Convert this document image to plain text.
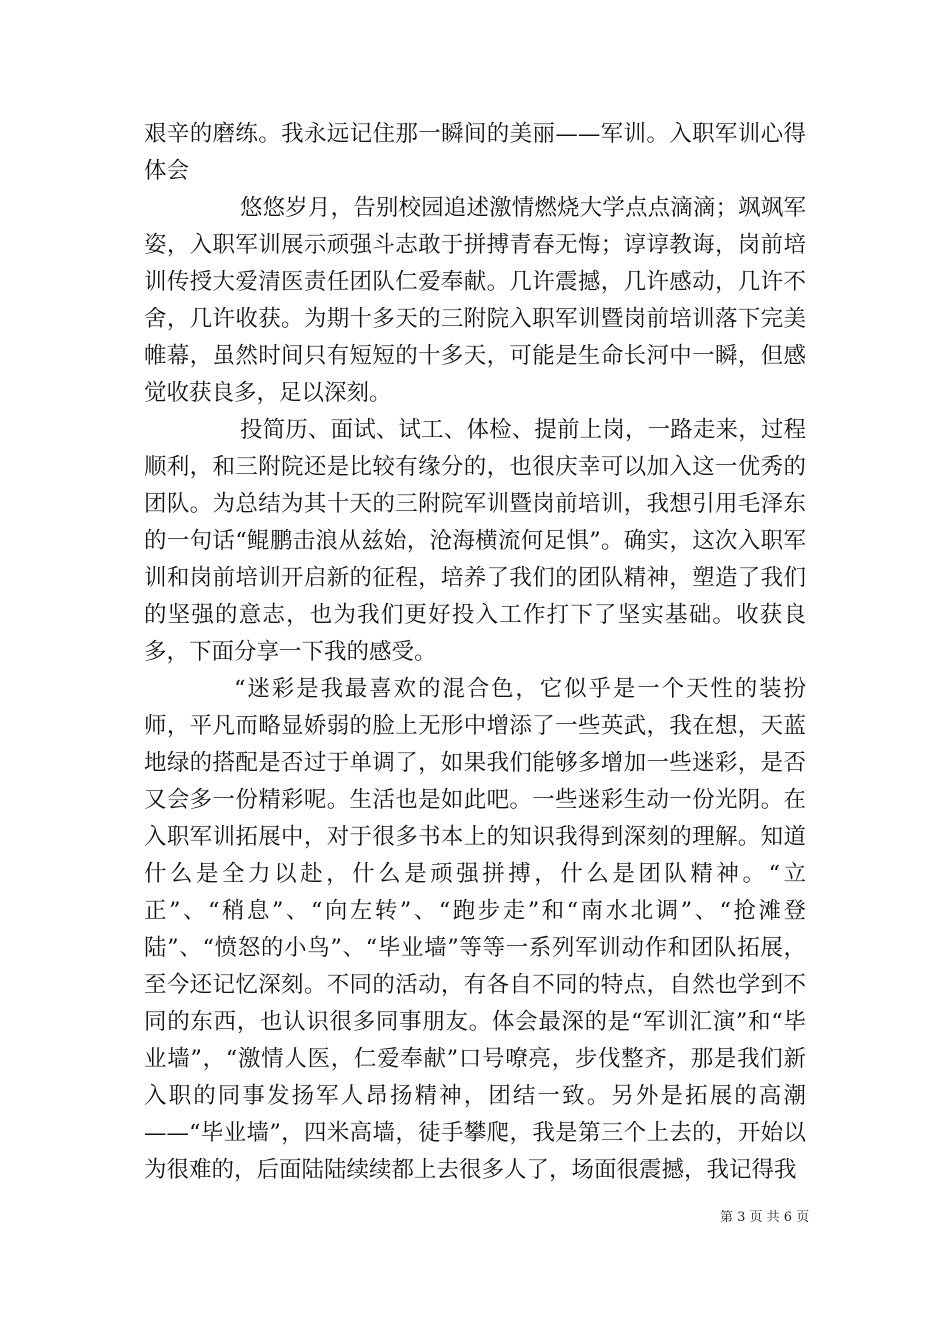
艰辛的磨练。我永远记住那一瞬间的美丽——军训。入职军训心得体会

悠悠岁月，告别校园追述激情燃烧大学点点滴滴；飒飒军姿，入职军训展示顽强斗志敢于拼搏青春无悔；谆谆教诲，岗前培训传授大爱清医责任团队仁爱奉献。几许震撼，几许感动，几许不舍，几许收获。为期十多天的三附院入职军训暨岗前培训落下完美帷幕，虽然时间只有短短的十多天，可能是生命长河中一瞬，但感觉收获良多，足以深刻。

投简历、面试、试工、体检、提前上岗，一路走来，过程顺利，和三附院还是比较有缘分的，也很庆幸可以加入这一优秀的团队。为总结为其十天的三附院军训暨岗前培训，我想引用毛泽东的一句话“鲲鹏击浪从兹始，沧海横流何足惧”。确实，这次入职军训和岗前培训开启新的征程，培养了我们的团队精神，塑造了我们的坚强的意志，也为我们更好投入工作打下了坚实基础。收获良多，下面分享一下我的感受。

“迷彩是我最喜欢的混合色，它似乎是一个天性的装扮师，平凡而略显娇弱的脸上无形中增添了一些英武，我在想，天蓝地绿的搭配是否过于单调了，如果我们能够多增加一些迷彩，是否又会多一份精彩呢。生活也是如此吧。一些迷彩生动一份光阴。在入职军训拓展中，对于很多书本上的知识我得到深刻的理解。知道什么是全力以赴，什么是顽强拼搏，什么是团队精神。“立正”、“稍息”、“向左转”、“跑步走”和“南水北调”、“抢滩登陆”、“愤怒的小鸟”、“毕业墙”等等一系列军训动作和团队拓展，至今还记忆深刻。不同的活动，有各自不同的特点，自然也学到不同的东西，也认识很多同事朋友。体会最深的是“军训汇演”和“毕业墙”，“激情人医，仁爱奉献”口号嘹亮，步伐整齐，那是我们新入职的同事发扬军人昂扬精神，团结一致。另外是拓展的高潮——“毕业墙”，四米高墙，徒手攀爬，我是第三个上去的，开始以为很难的，后面陆陆续续都上去很多人了，场面很震撼，我记得我

第 3 页 共 6 页
